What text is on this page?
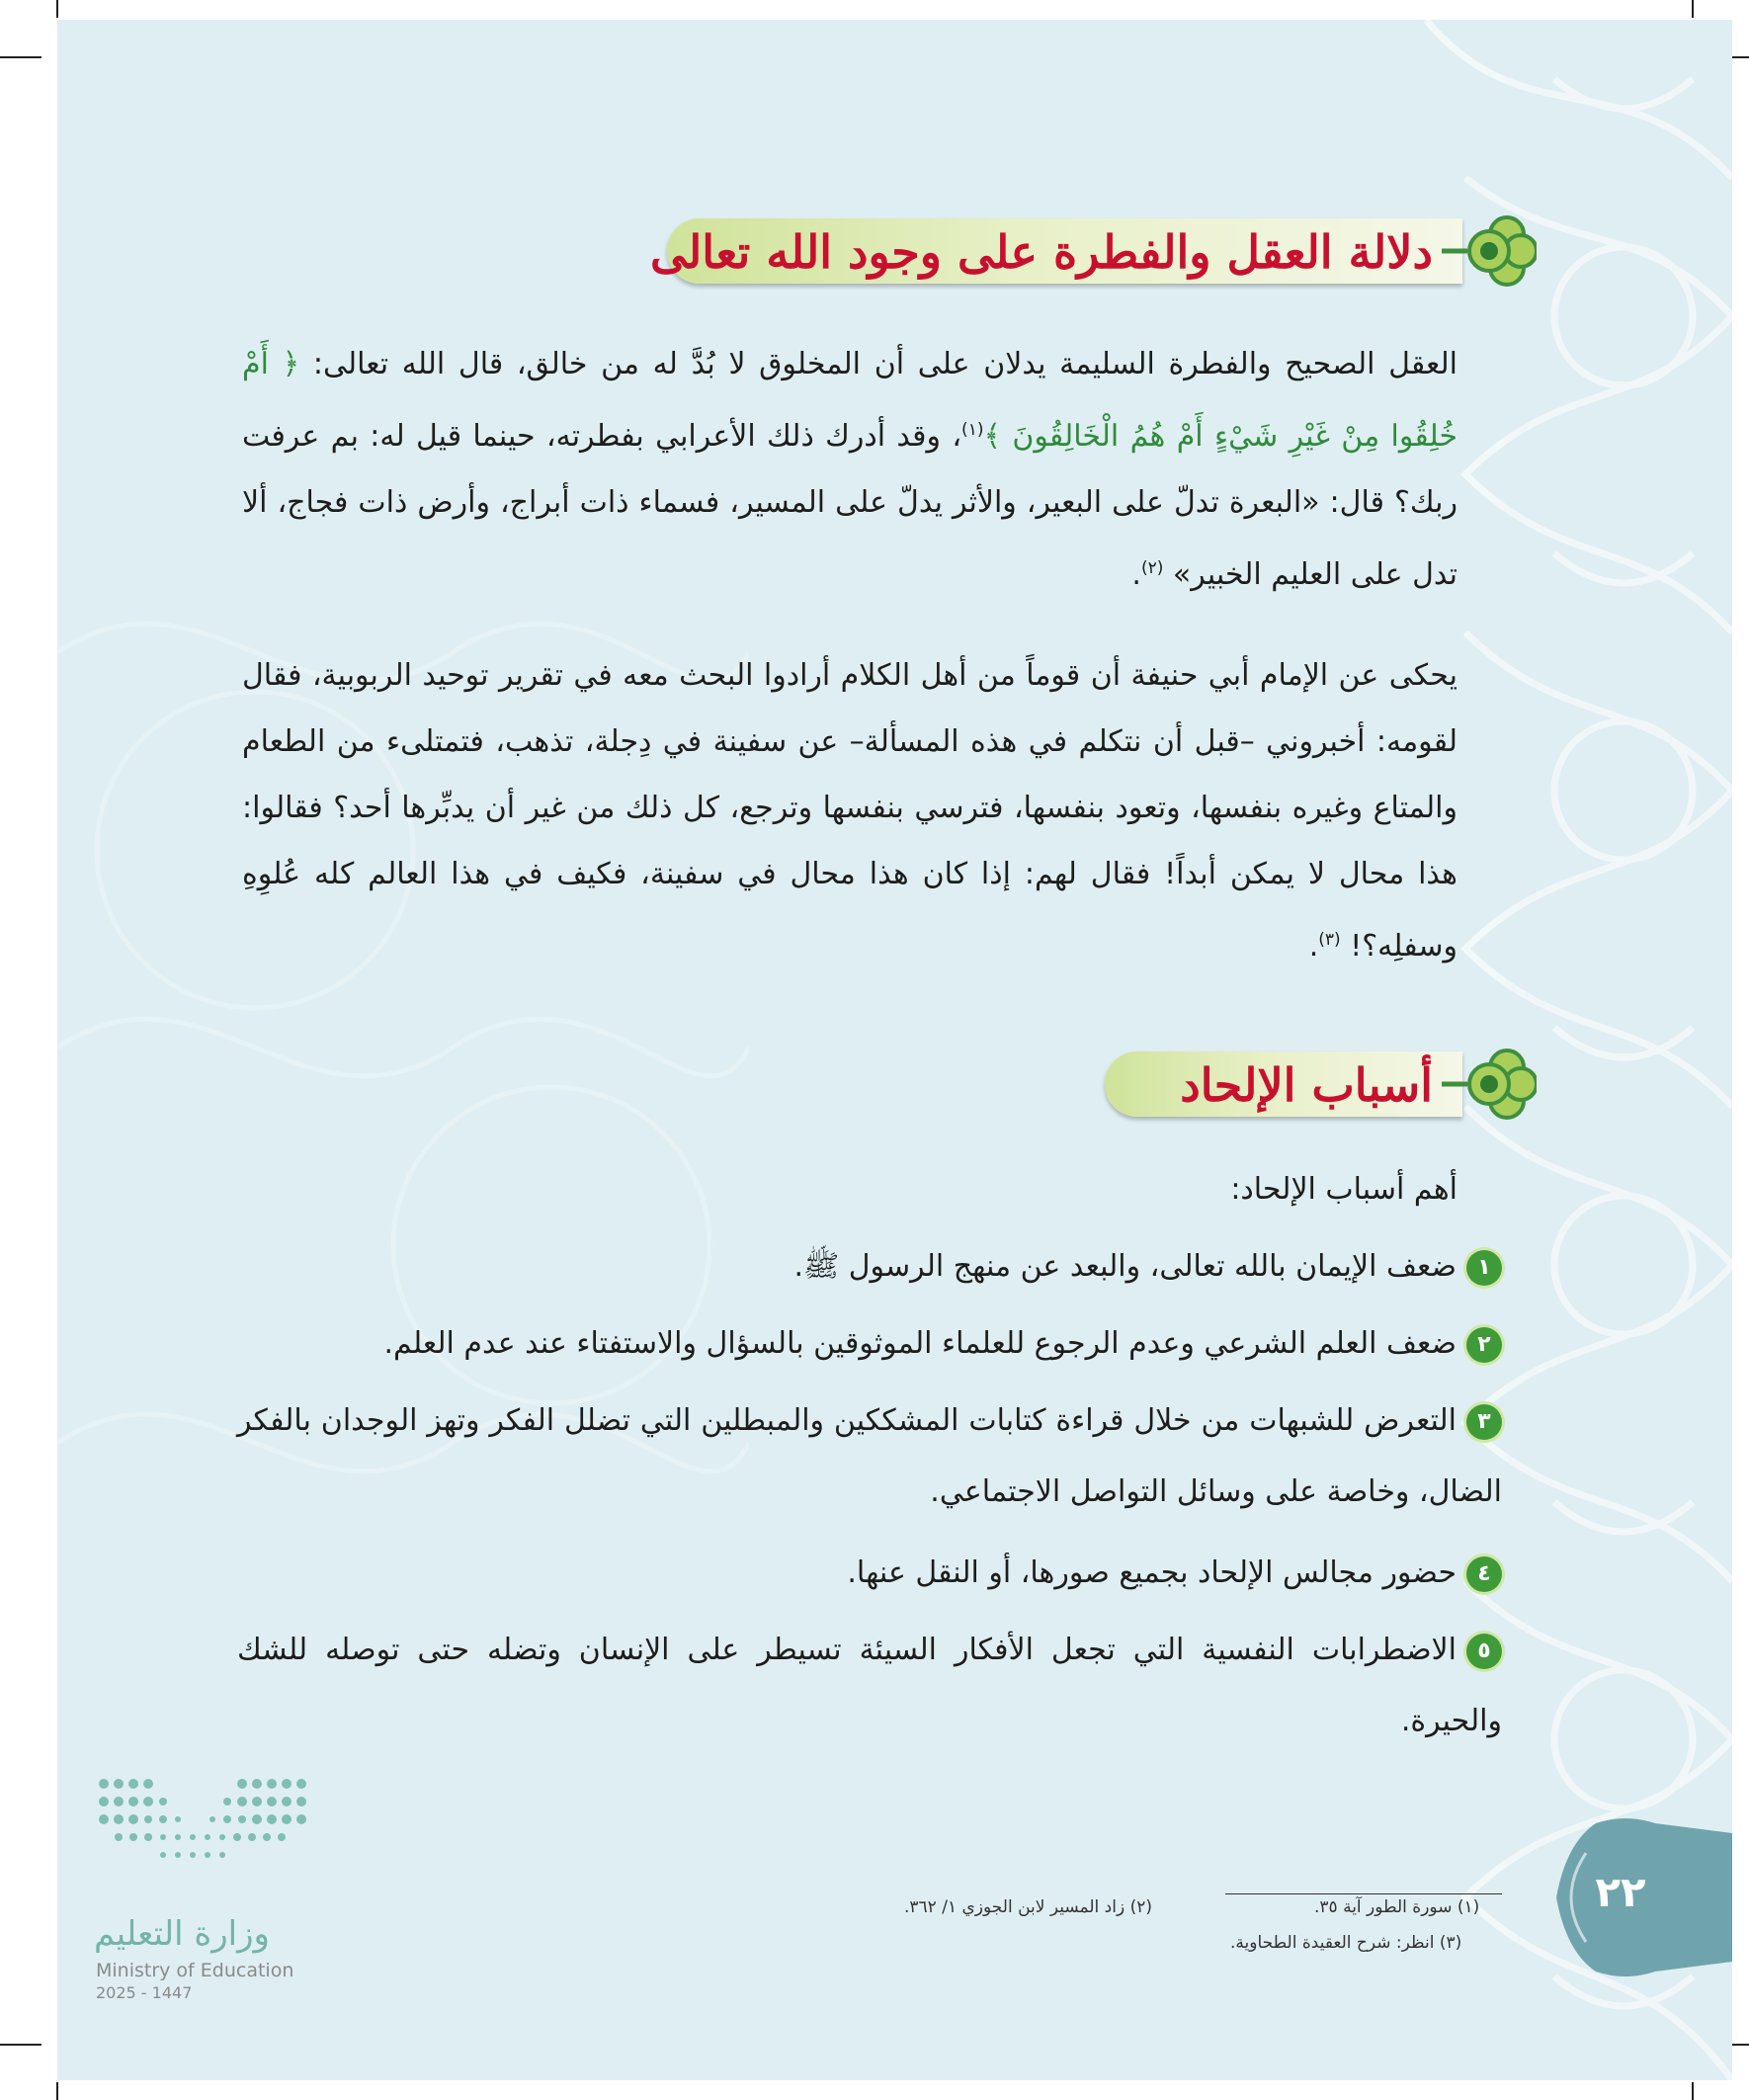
دلالة العقل والفطرة على وجود الله تعالى
العقل الصحيح والفطرة السليمة يدلان على أن المخلوق لا بُدَّ له من خالق، قال الله تعالى: ﴿ أَمْ خُلِقُوا مِنْ غَيْرِ شَيْءٍ أَمْ هُمُ الْخَالِقُونَ ﴾$^{(١)}$، وقد أدرك ذلك الأعرابي بفطرته، حينما قيل له: بم عرفت ربك؟ قال: «البعرة تدلّ على البعير، والأثر يدلّ على المسير، فسماء ذات أبراج، وأرض ذات فجاج، ألا تدل على العليم الخبير» $^{(٢)}$.
يحكى عن الإمام أبي حنيفة أن قوماً من أهل الكلام أرادوا البحث معه في تقرير توحيد الربوبية، فقال لقومه: أخبروني –قبل أن نتكلم في هذه المسألة– عن سفينة في دِجلة، تذهب، فتمتلىء من الطعام والمتاع وغيره بنفسها، وتعود بنفسها، فترسي بنفسها وترجع، كل ذلك من غير أن يدبِّرها أحد؟ فقالوا: هذا محال لا يمكن أبداً! فقال لهم: إذا كان هذا محال في سفينة، فكيف في هذا العالم كله عُلوِهِ وسفلِه؟! $^{(٣)}$.
أسباب الإلحاد
أهم أسباب الإلحاد:
١ضعف الإيمان بالله تعالى، والبعد عن منهج الرسول ﷺ.
٢ضعف العلم الشرعي وعدم الرجوع للعلماء الموثوقين بالسؤال والاستفتاء عند عدم العلم.
٣التعرض للشبهات من خلال قراءة كتابات المشككين والمبطلين التي تضلل الفكر وتهز الوجدان بالفكر الضال، وخاصة على وسائل التواصل الاجتماعي.
٤حضور مجالس الإلحاد بجميع صورها، أو النقل عنها.
٥الاضطرابات النفسية التي تجعل الأفكار السيئة تسيطر على الإنسان وتضله حتى توصله للشك والحيرة.
(١) سورة الطور آية ٣٥.
(٢) زاد المسير لابن الجوزي ١/ ٣٦٢.
(٣) انظر: شرح العقيدة الطحاوية.
٢٢
وزارة التعليم
Ministry of Education
2025 - 1447
